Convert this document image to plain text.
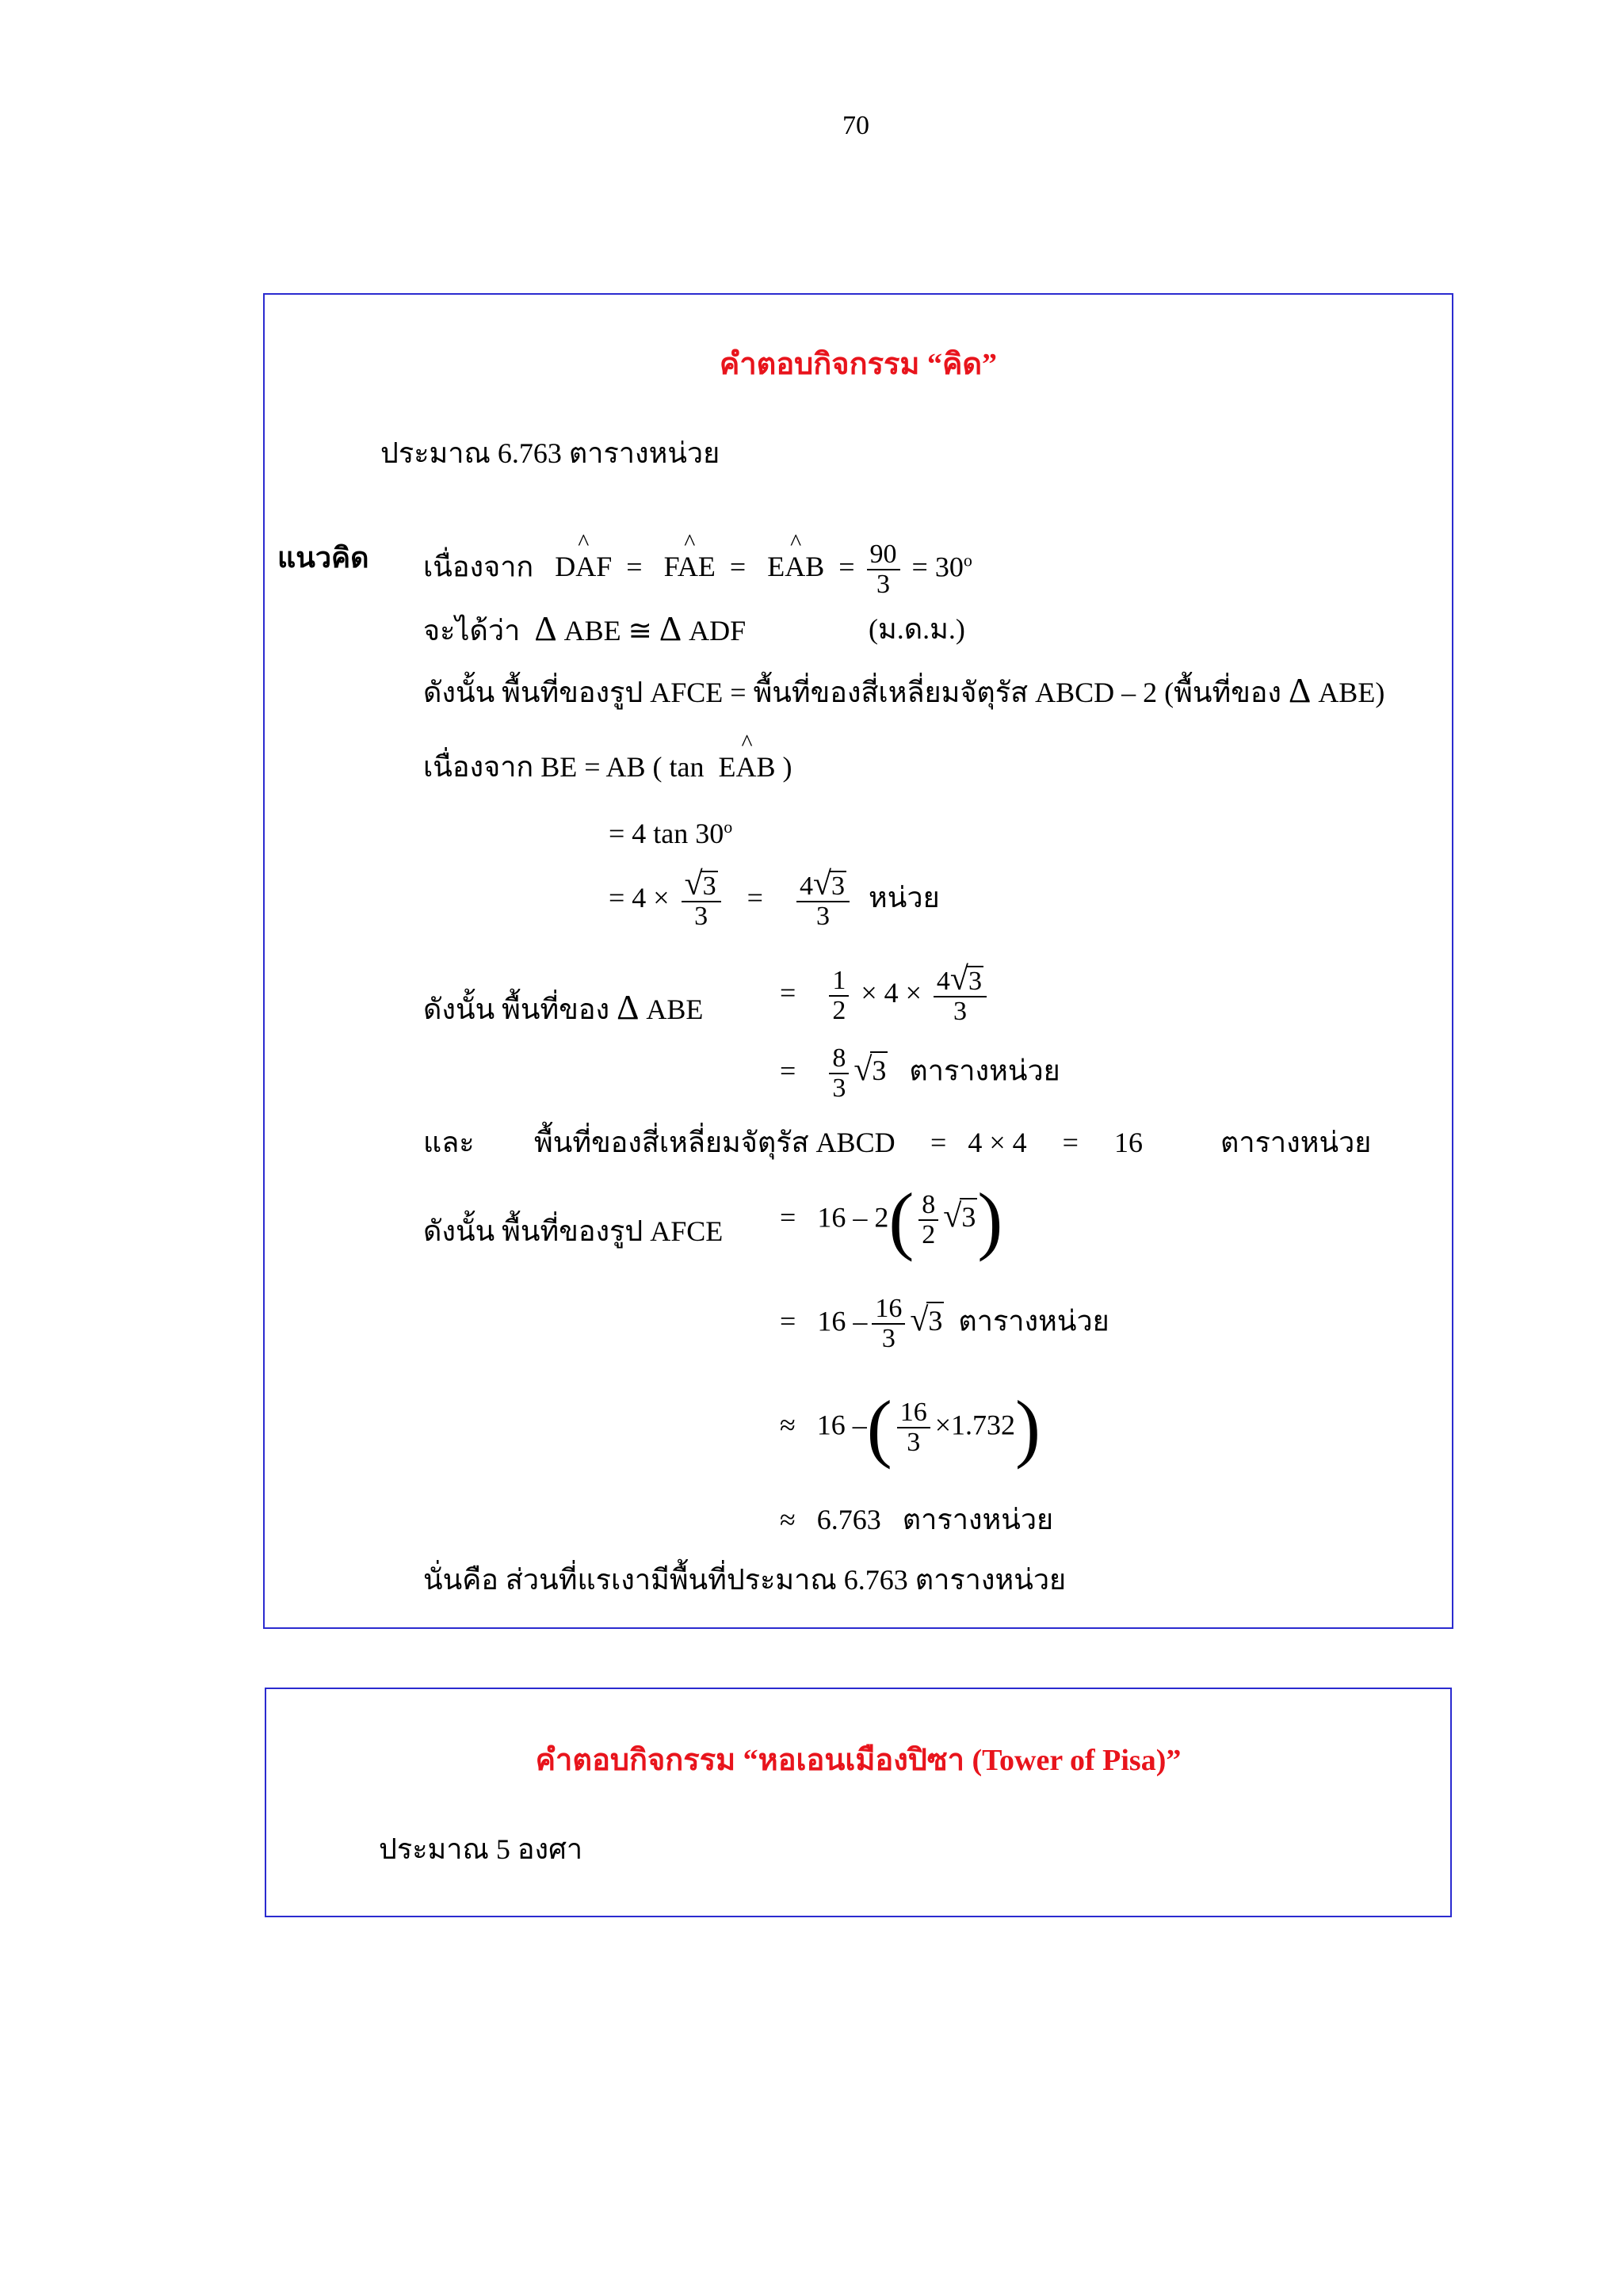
70
คำตอบกิจกรรม “คิด”
ประมาณ 6.763 ตารางหน่วย
แนวคิด เนื่องจาก ^ DAF  =   ^ FAE  =   ^ EAB  = $\frac{90}{3} = 30^o$
จะได้ว่า Δ ABE ≅ Δ ADF	(ม.ด.ม.)
ดังนั้น พื้นที่ของรูป AFCE = พื้นที่ของสี่เหลี่ยมจัตุรัส ABCD – 2 (พื้นที่ของ Δ ABE)
เนื่องจาก BE = AB ( tan ^ EAB )
= 4 $\tan 30^o$
= $4 \times \frac{√3}{3} = \frac{4√3}{3}$ หน่วย
ดังนั้น พื้นที่ของ Δ ABE
= $\frac{1}{2} \times 4 \times \frac{4√3}{3}$
= $\frac{8}{3} √3$ ตารางหน่วย
และ พื้นที่ของสี่เหลี่ยมจัตุรัส ABCD =   4 × 4     =     16	ตารางหน่วย
ดังนั้น พื้นที่ของรูป AFCE =   $16 - 2( \frac{8}{2} √3)$
=   $16 - \frac{16}{3} √3$ ตารางหน่วย
≈ 16 –( $\frac{16}{3} \times 1.732$)
≈ 6.763 ตารางหน่วย
นั่นคือ ส่วนที่แรเงามีพื้นที่ประมาณ 6.763 ตารางหน่วย
คำตอบกิจกรรม “หอเอนเมืองปิซา (Tower of Pisa)”
ประมาณ 5 องศา
